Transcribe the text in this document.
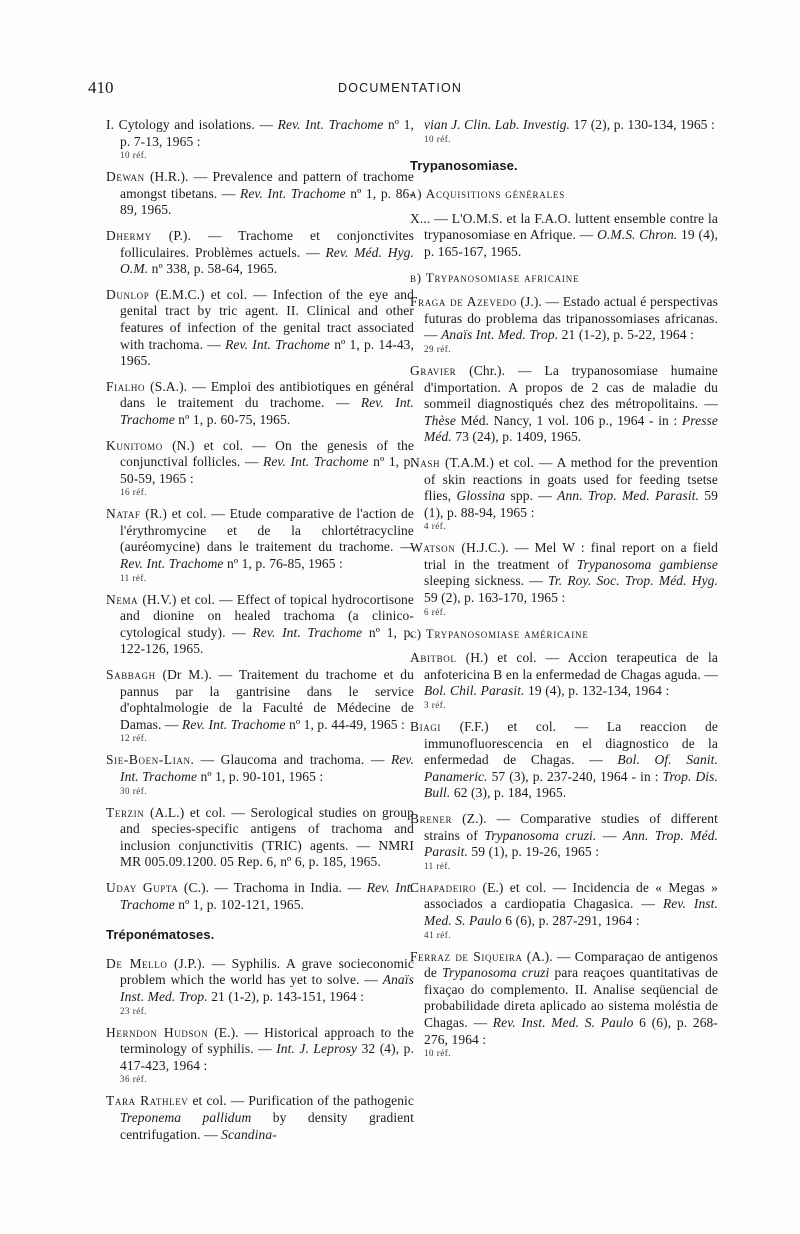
410	DOCUMENTATION
I. Cytology and isolations. — Rev. Int. Trachome nº 1, p. 7-13, 1965 :
10 réf.
Dewan (H.R.). — Prevalence and pattern of trachome amongst tibetans. — Rev. Int. Trachome nº 1, p. 86-89, 1965.
Dhermy (P.). — Trachome et conjonctivites folliculaires. Problèmes actuels. — Rev. Méd. Hyg. O.M. nº 338, p. 58-64, 1965.
Dunlop (E.M.C.) et col. — Infection of the eye and genital tract by tric agent. II. Clinical and other features of infection of the genital tract associated with trachoma. — Rev. Int. Trachome nº 1, p. 14-43, 1965.
Fialho (S.A.). — Emploi des antibiotiques en général dans le traitement du trachome. — Rev. Int. Trachome nº 1, p. 60-75, 1965.
Kunitomo (N.) et col. — On the genesis of the conjunctival follicles. — Rev. Int. Trachome nº 1, p. 50-59, 1965 :
16 réf.
Nataf (R.) et col. — Etude comparative de l'action de l'érythromycine et de la chlortétracycline (auréomycine) dans le traitement du trachome. — Rev. Int. Trachome nº 1, p. 76-85, 1965 :
11 réf.
Nema (H.V.) et col. — Effect of topical hydrocortisone and dionine on healed trachoma (a clinico-cytological study). — Rev. Int. Trachome nº 1, p. 122-126, 1965.
Sabbagh (Dr M.). — Traitement du trachome et du pannus par la gantrisine dans le service d'ophtalmologie de la Faculté de Médecine de Damas. — Rev. Int. Trachome nº 1, p. 44-49, 1965 :
12 réf.
Sie-Boen-Lian. — Glaucoma and trachoma. — Rev. Int. Trachome nº 1, p. 90-101, 1965 :
30 réf.
Terzin (A.L.) et col. — Serological studies on group and species-specific antigens of trachoma and inclusion conjunctivitis (TRIC) agents. — NMRI MR 005.09.1200. 05 Rep. 6, nº 6, p. 185, 1965.
Uday Gupta (C.). — Trachoma in India. — Rev. Int. Trachome nº 1, p. 102-121, 1965.
Tréponématoses.
De Mello (J.P.). — Syphilis. A grave socieconomic problem which the world has yet to solve. — Anaïs Inst. Med. Trop. 21 (1-2), p. 143-151, 1964 :
23 réf.
Herndon Hudson (E.). — Historical approach to the terminology of syphilis. — Int. J. Leprosy 32 (4), p. 417-423, 1964 :
36 réf.
Tara Rathlev et col. — Purification of the pathogenic Treponema pallidum by density gradient centrifugation. — Scandina-
vian J. Clin. Lab. Investig. 17 (2), p. 130-134, 1965 :
10 réf.
Trypanosomiase.
a) Acquisitions générales
X... — L'O.M.S. et la F.A.O. luttent ensemble contre la trypanosomiase en Afrique. — O.M.S. Chron. 19 (4), p. 165-167, 1965.
b) Trypanosomiase africaine
Fraga de Azevedo (J.). — Estado actual é perspectivas futuras do problema das tripanossomiases africanas. — Anaïs Int. Med. Trop. 21 (1-2), p. 5-22, 1964 :
29 réf.
Gravier (Chr.). — La trypanosomiase humaine d'importation. A propos de 2 cas de maladie du sommeil diagnostiqués chez des métropolitains. — Thèse Méd. Nancy, 1 vol. 106 p., 1964 - in : Presse Méd. 73 (24), p. 1409, 1965.
Nash (T.A.M.) et col. — A method for the prevention of skin reactions in goats used for feeding tsetse flies, Glossina spp. — Ann. Trop. Med. Parasit. 59 (1), p. 88-94, 1965 :
4 réf.
Watson (H.J.C.). — Mel W : final report on a field trial in the treatment of Trypanosoma gambiense sleeping sickness. — Tr. Roy. Soc. Trop. Méd. Hyg. 59 (2), p. 163-170, 1965 :
6 réf.
c) Trypanosomiase américaine
Abitbol (H.) et col. — Accion terapeutica de la anfotericina B en la enfermedad de Chagas aguda. — Bol. Chil. Parasit. 19 (4), p. 132-134, 1964 :
3 réf.
Biagi (F.F.) et col. — La reaccion de immunofluorescencia en el diagnostico de la enfermedad de Chagas. — Bol. Of. Sanit. Panameric. 57 (3), p. 237-240, 1964 - in : Trop. Dis. Bull. 62 (3), p. 184, 1965.
Brener (Z.). — Comparative studies of different strains of Trypanosoma cruzi. — Ann. Trop. Méd. Parasit. 59 (1), p. 19-26, 1965 :
11 réf.
Chapadeiro (E.) et col. — Incidencia de « Megas » associados a cardiopatia Chagasica. — Rev. Inst. Med. S. Paulo 6 (6), p. 287-291, 1964 :
41 réf.
Ferraz de Siqueira (A.). — Comparaçao de antigenos de Trypanosoma cruzi para reaçoes quantitativas de fixaçao do complemento. II. Analise seqüencial de probabilidade direta aplicado ao sistema moléstia de Chagas. — Rev. Inst. Med. S. Paulo 6 (6), p. 268-276, 1964 :
10 réf.
